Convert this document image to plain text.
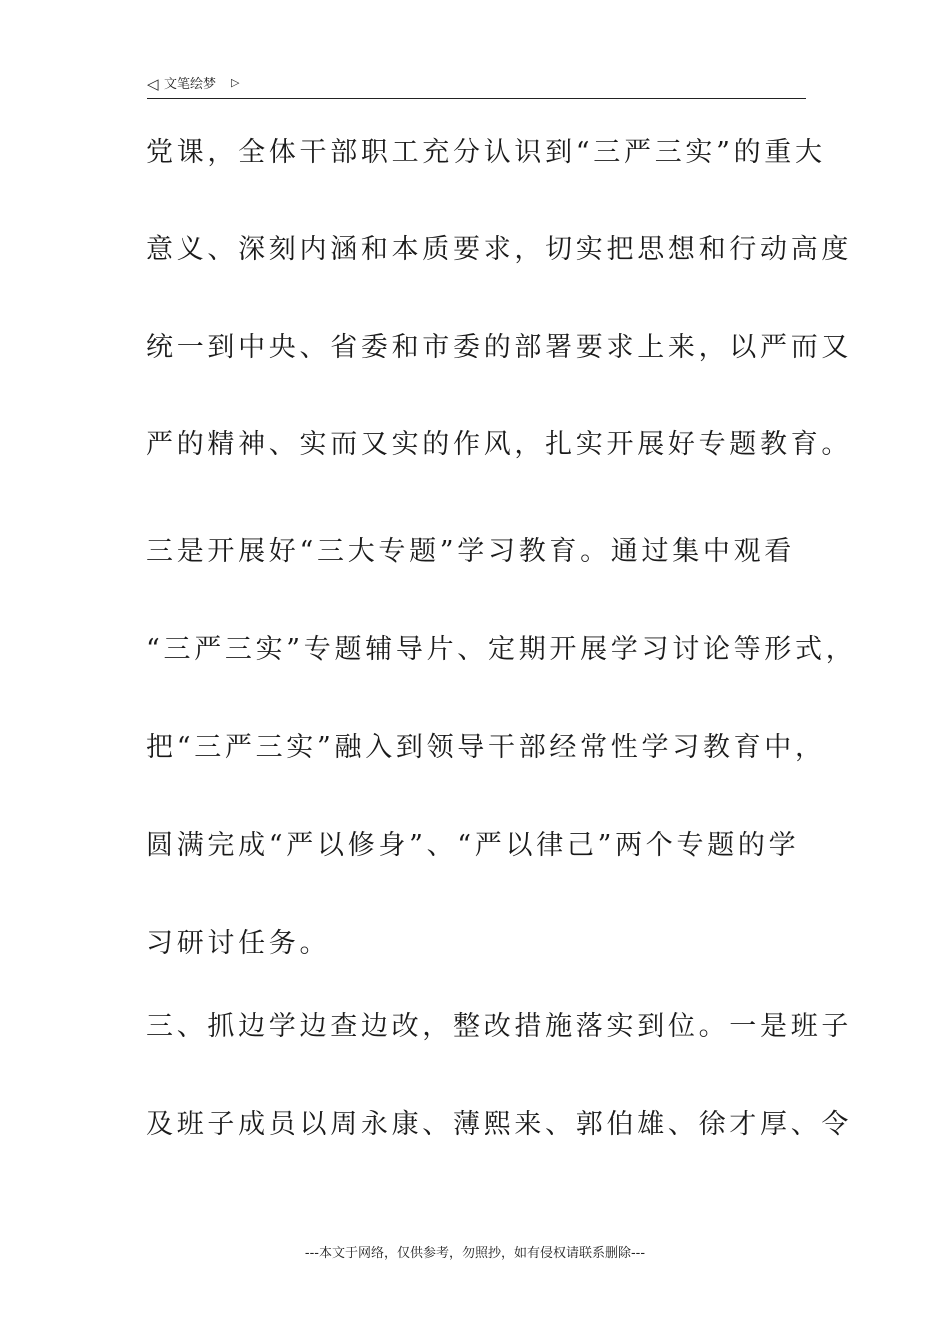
◁ 文笔绘梦 ▷
党课，全体干部职工充分认识到“三严三实”的重大
意义、深刻内涵和本质要求，切实把思想和行动高度
统一到中央、省委和市委的部署要求上来，以严而又
严的精神、实而又实的作风，扎实开展好专题教育。
三是开展好“三大专题”学习教育。通过集中观看
“三严三实”专题辅导片、定期开展学习讨论等形式，
把“三严三实”融入到领导干部经常性学习教育中，
圆满完成“严以修身”、“严以律己”两个专题的学
习研讨任务。
三、抓边学边查边改，整改措施落实到位。一是班子
及班子成员以周永康、薄熙来、郭伯雄、徐才厚、令
---本文于网络，仅供参考，勿照抄，如有侵权请联系删除---
